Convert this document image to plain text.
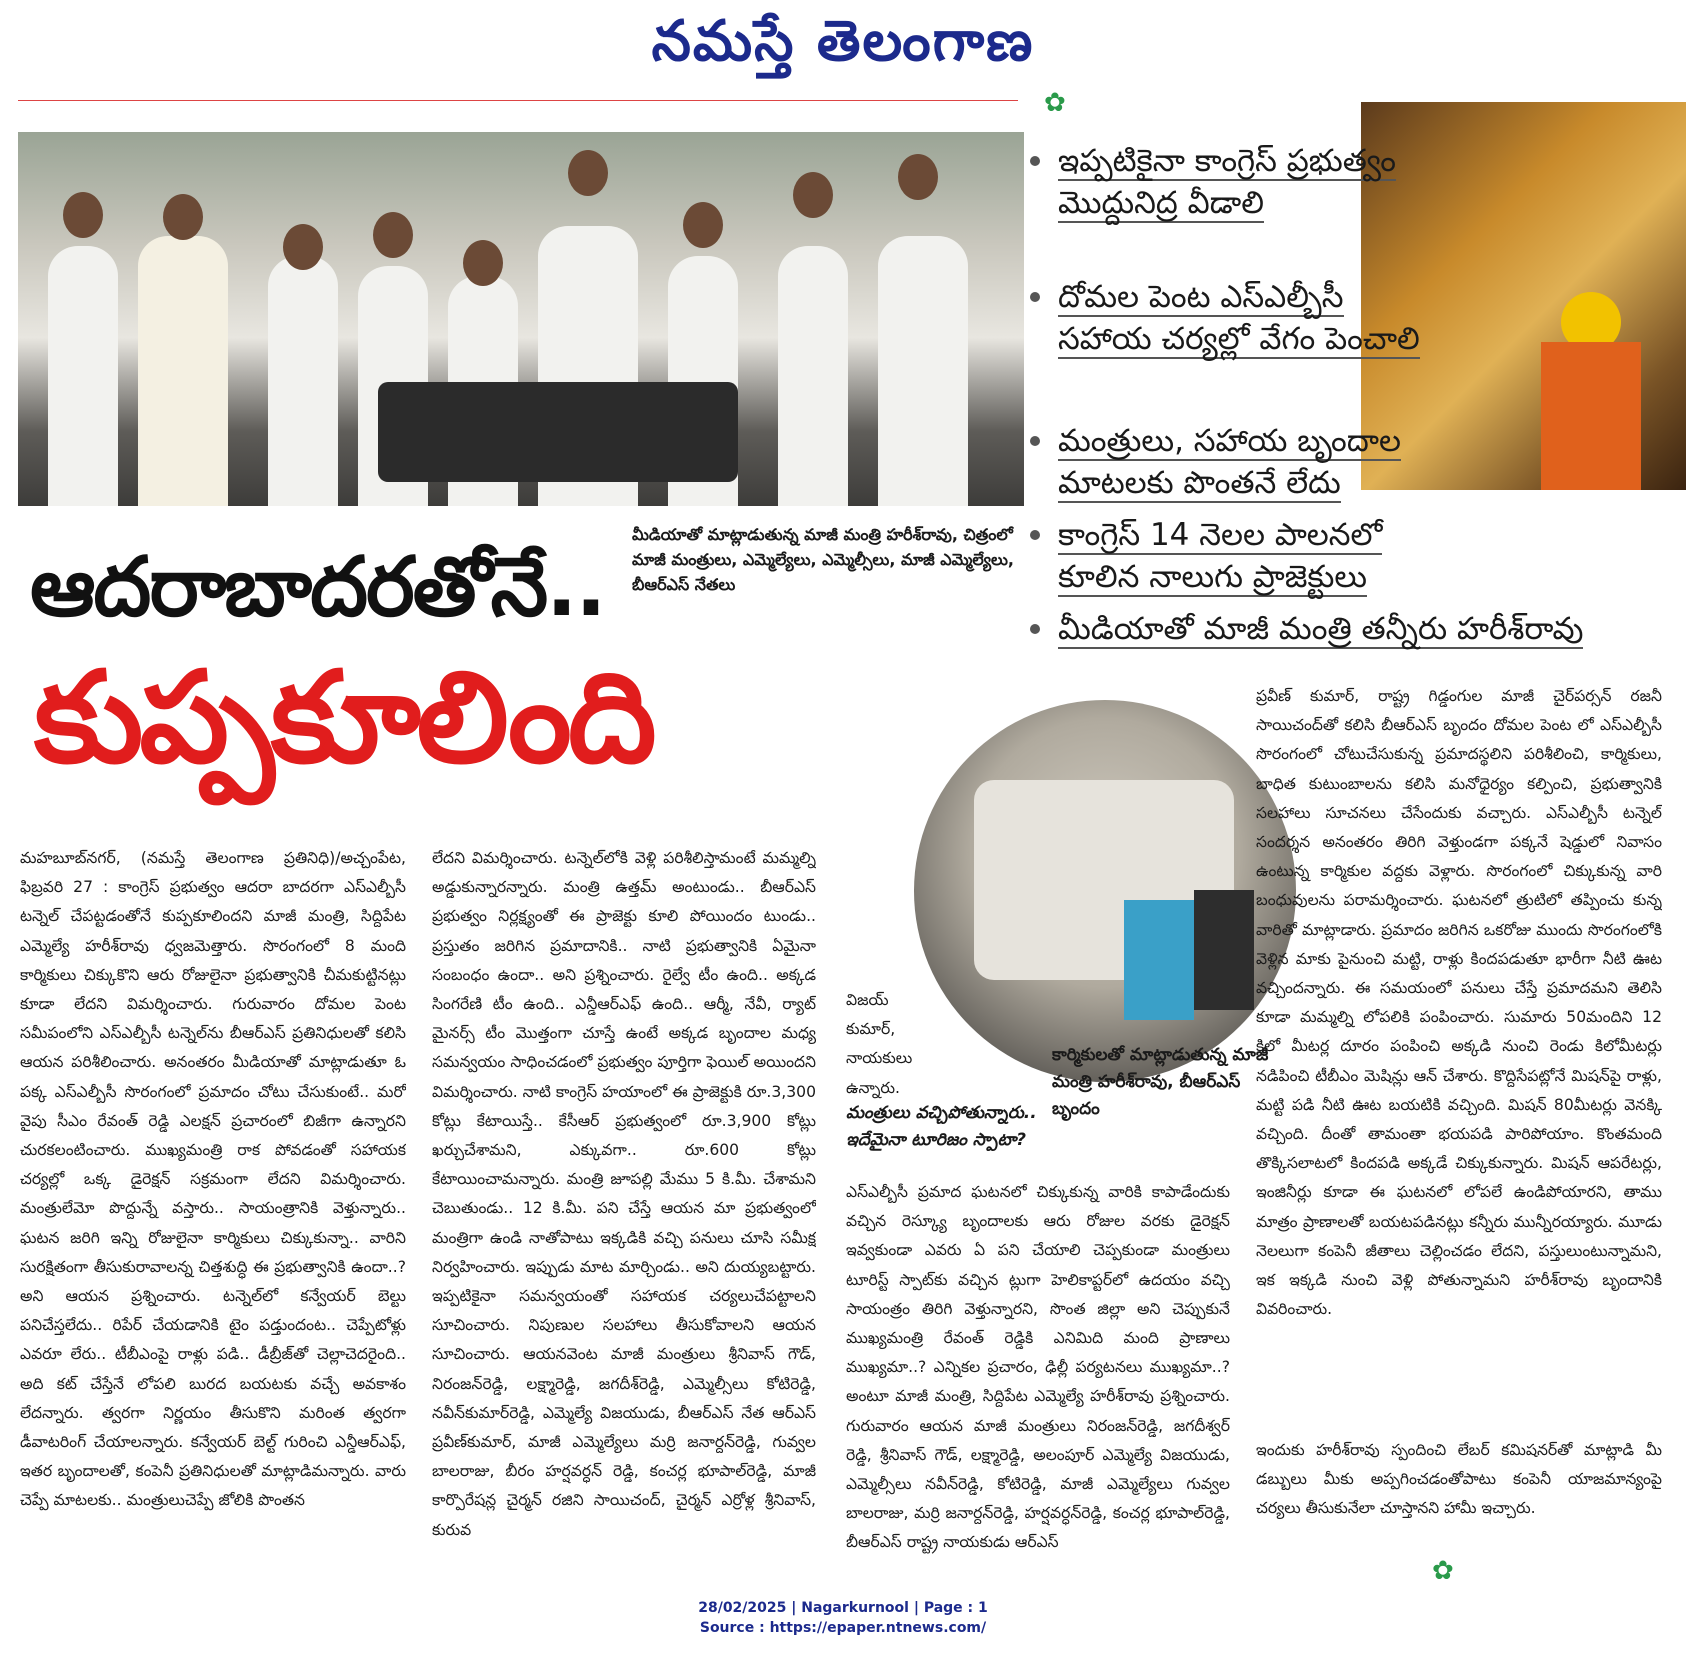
నమస్తే తెలంగాణ
✿
ఇప్పటికైనా కాంగ్రెస్ ప్రభుత్వం మొద్దునిద్ర వీడాలి
దోమల పెంట ఎస్ఎల్బీసీ సహాయ చర్యల్లో వేగం పెంచాలి
మంత్రులు, సహాయ బృందాల మాటలకు పొంతనే లేదు
కాంగ్రెస్ 14 నెలల పాలనలో కూలిన నాలుగు ప్రాజెక్టులు
మీడియాతో మాజీ మంత్రి తన్నీరు హరీశ్‌రావు
మీడియాతో మాట్లాడుతున్న మాజీ మంత్రి హరీశ్‌రావు, చిత్రంలో మాజీ మంత్రులు, ఎమ్మెల్యేలు, ఎమ్మెల్సీలు, మాజీ ఎమ్మెల్యేలు, బీఆర్ఎస్ నేతలు
ఆదరాబాదరతోనే..
కుప్పకూలింది
కార్మికులతో మాట్లాడుతున్న మాజీ మంత్రి హరీశ్‌రావు, బీఆర్ఎస్ బృందం

మహబూబ్‌నగర్, (నమస్తే తెలంగాణ ప్రతినిధి)/అచ్చంపేట, ఫిబ్రవరి 27 : కాంగ్రెస్ ప్రభుత్వం ఆదరా బాదరగా ఎస్ఎల్బీసీ టన్నెల్ చేపట్టడంతోనే కుప్పకూలిందని మాజీ మంత్రి, సిద్దిపేట ఎమ్మెల్యే హరీశ్‌రావు ధ్వజమెత్తారు. సొరంగంలో 8 మంది కార్మికులు చిక్కుకొని ఆరు రోజులైనా ప్రభుత్వానికి చీమకుట్టినట్లు కూడా లేదని విమర్శించారు. గురువారం దోమల పెంట సమీపంలోని ఎస్ఎల్బీసీ టన్నెల్‌ను బీఆర్ఎస్ ప్రతినిధులతో కలిసి ఆయన పరిశీలించారు. అనంతరం మీడియాతో మాట్లాడుతూ ఓ పక్క ఎస్ఎల్బీసీ సొరంగంలో ప్రమాదం చోటు చేసుకుంటే.. మరో వైపు సీఎం రేవంత్ రెడ్డి ఎలక్షన్ ప్రచారంలో బిజీగా ఉన్నారని చురకలంటించారు. ముఖ్యమంత్రి రాక పోవడంతో సహాయక చర్యల్లో ఒక్క డైరెక్షన్ సక్రమంగా లేదని విమర్శించారు. మంత్రులేమో పొద్దున్నే వస్తారు.. సాయంత్రానికి వెళ్తున్నారు.. ఘటన జరిగి ఇన్ని రోజులైనా కార్మికులు చిక్కుకున్నా.. వారిని సురక్షితంగా తీసుకురావాలన్న చిత్తశుద్ధి ఈ ప్రభుత్వానికి ఉందా..? అని ఆయన ప్రశ్నించారు. టన్నెల్‌లో కన్వేయర్ బెల్టు పనిచేస్తలేదు.. రిపేర్ చేయడానికి టైం పడ్తుందంట.. చెప్పేటోళ్లు ఎవరూ లేరు.. టీబీఎంపై రాళ్లు పడి.. డీబ్రీజ్‌తో చెల్లాచెదరైంది.. అది కట్ చేస్తేనే లోపలి బురద బయటకు వచ్చే అవకాశం లేదన్నారు. త్వరగా నిర్ణయం తీసుకొని మరింత త్వరగా డీవాటరింగ్ చేయాలన్నారు. కన్వేయర్ బెల్ట్ గురించి ఎన్డీఆర్ఎఫ్, ఇతర బృందాలతో, కంపెనీ ప్రతినిధులతో మాట్లాడిమన్నారు. వారు చెప్పే మాటలకు.. మంత్రులుచెప్పే జోలికి పొంతన

లేదని విమర్శించారు. టన్నెల్‌లోకి వెళ్లి పరిశీలిస్తామంటే మమ్మల్ని అడ్డుకున్నారన్నారు. మంత్రి ఉత్తమ్ అంటుండు.. బీఆర్ఎస్ ప్రభుత్వం నిర్లక్ష్యంతో ఈ ప్రాజెక్టు కూలి పోయిందం టుండు.. ప్రస్తుతం జరిగిన ప్రమాదానికి.. నాటి ప్రభుత్వానికి ఏమైనా సంబంధం ఉందా.. అని ప్రశ్నించారు. రైల్వే టీం ఉంది.. అక్కడ సింగరేణి టీం ఉంది.. ఎన్డీఆర్ఎఫ్ ఉంది.. ఆర్మీ, నేవీ, ర్యాట్ మైనర్స్ టీం మొత్తంగా చూస్తే ఉంటే అక్కడ బృందాల మధ్య సమన్వయం సాధించడంలో ప్రభుత్వం పూర్తిగా ఫెయిల్ అయిందని విమర్శించారు. నాటి కాంగ్రెస్ హయాంలో ఈ ప్రాజెక్టుకి రూ.3,300 కోట్లు కేటాయిస్తే.. కేసీఆర్ ప్రభుత్వంలో రూ.3,900 కోట్లు ఖర్చుచేశామని, ఎక్కువగా.. రూ.600 కోట్లు కేటాయించామన్నారు. మంత్రి జూపల్లి మేము 5 కి.మీ. చేశామని చెబుతుండు.. 12 కి.మీ. పని చేస్తే ఆయన మా ప్రభుత్వంలో మంత్రిగా ఉండి నాతోపాటు ఇక్కడికి వచ్చి పనులు చూసి సమీక్ష నిర్వహించారు. ఇప్పుడు మాట మార్చిండు.. అని దుయ్యబట్టారు. ఇప్పటికైనా సమన్వయంతో సహాయక చర్యలుచేపట్టాలని సూచించారు. నిపుణుల సలహాలు తీసుకోవాలని ఆయన సూచించారు. ఆయనవెంట మాజీ మంత్రులు శ్రీనివాస్ గౌడ్, నిరంజన్‌రెడ్డి, లక్ష్మారెడ్డి, జగదీశ్‌రెడ్డి, ఎమ్మెల్సీలు కోటిరెడ్డి, నవీన్‌కుమార్‌రెడ్డి, ఎమ్మెల్యే విజయుడు, బీఆర్ఎస్ నేత ఆర్ఎస్ ప్రవీణ్‌కుమార్, మాజీ ఎమ్మెల్యేలు మర్రి జనార్దన్‌రెడ్డి, గువ్వల బాలరాజు, బీరం హర్షవర్ధన్ రెడ్డి, కంచర్ల భూపాల్‌రెడ్డి, మాజీ కార్పొరేషన్ల చైర్మన్ రజిని సాయిచంద్, చైర్మన్ ఎర్రోళ్ల శ్రీనివాస్, కురువ

విజయ్ కుమార్, నాయకులు ఉన్నారు.

మంత్రులు వచ్చిపోతున్నారు.. ఇదేమైనా టూరిజం స్పాటా?

ఎస్ఎల్బీసీ ప్రమాద ఘటనలో చిక్కుకున్న వారికి కాపాడేందుకు వచ్చిన రెస్క్యూ బృందాలకు ఆరు రోజుల వరకు డైరెక్షన్ ఇవ్వకుండా ఎవరు ఏ పని చేయాలి చెప్పకుండా మంత్రులు టూరిస్ట్ స్పాట్‌కు వచ్చిన ట్లుగా హెలికాప్టర్‌లో ఉదయం వచ్చి సాయంత్రం తిరిగి వెళ్తున్నారని, సొంత జిల్లా అని చెప్పుకునే ముఖ్యమంత్రి రేవంత్ రెడ్డికి ఎనిమిది మంది ప్రాణాలు ముఖ్యమా..? ఎన్నికల ప్రచారం, ఢిల్లీ పర్యటనలు ముఖ్యమా..? అంటూ మాజీ మంత్రి, సిద్దిపేట ఎమ్మెల్యే హరీశ్‌రావు ప్రశ్నించారు. గురువారం ఆయన మాజీ మంత్రులు నిరంజన్‌రెడ్డి, జగదీశ్వర్ రెడ్డి, శ్రీనివాస్ గౌడ్, లక్ష్మారెడ్డి, అలంపూర్ ఎమ్మెల్యే విజయుడు, ఎమ్మెల్సీలు నవీన్‌రెడ్డి, కోటిరెడ్డి, మాజీ ఎమ్మెల్యేలు గువ్వల బాలరాజు, మర్రి జనార్దన్‌రెడ్డి, హర్షవర్ధన్‌రెడ్డి, కంచర్ల భూపాల్‌రెడ్డి, బీఆర్ఎస్ రాష్ట్ర నాయకుడు ఆర్ఎస్

ప్రవీణ్ కుమార్, రాష్ట్ర గిడ్డంగుల మాజీ చైర్‌పర్సన్ రజనీ సాయిచంద్‌తో కలిసి బీఆర్ఎస్ బృందం దోమల పెంట లో ఎస్ఎల్బీసీ సొరంగంలో చోటుచేసుకున్న ప్రమాదస్థలిని పరిశీలించి, కార్మికులు, బాధిత కుటుంబాలను కలిసి మనోధైర్యం కల్పించి, ప్రభుత్వానికి సలహాలు సూచనలు చేసేందుకు వచ్చారు. ఎస్ఎల్బీసీ టన్నెల్ సందర్శన అనంతరం తిరిగి వెళ్తుండగా పక్కనే షెడ్డులో నివాసం ఉంటున్న కార్మికుల వద్దకు వెళ్లారు. సొరంగంలో చిక్కుకున్న వారి బంధువులను పరామర్శించారు. ఘటనలో త్రుటిలో తప్పించు కున్న వారితో మాట్లాడారు. ప్రమాదం జరిగిన ఒకరోజు ముందు సొరంగంలోకి వెళ్లిన మాకు పైనుంచి మట్టి, రాళ్లు కిందపడుతూ భారీగా నీటి ఊట వచ్చిందన్నారు. ఈ సమయంలో పనులు చేస్తే ప్రమాదమని తెలిసి కూడా మమ్మల్ని లోపలికి పంపించారు. సుమారు 50మందిని 12 కిలో మీటర్ల దూరం పంపించి అక్కడి నుంచి రెండు కిలోమీటర్లు నడిపించి టీబీఎం మెషిన్లు ఆన్ చేశారు. కొద్దిసేపట్లోనే మిషన్‌పై రాళ్లు, మట్టి పడి నీటి ఊట బయటికి వచ్చింది. మిషన్ 80మీటర్లు వెనక్కి వచ్చింది. దీంతో తామంతా భయపడి పారిపోయాం. కొంతమంది తొక్కిసలాటలో కిందపడి అక్కడే చిక్కుకున్నారు. మిషన్ ఆపరేటర్లు, ఇంజినీర్లు కూడా ఈ ఘటనలో లోపలే ఉండిపోయారని, తాము మాత్రం ప్రాణాలతో బయటపడినట్లు కన్నీరు మున్నీరయ్యారు. మూడు నెలలుగా కంపెనీ జీతాలు చెల్లించడం లేదని, పస్తులుంటున్నామని, ఇక ఇక్కడి నుంచి వెళ్లి పోతున్నామని హరీశ్‌రావు బృందానికి వివరించారు.

ఇందుకు హరీశ్‌రావు స్పందించి లేబర్ కమిషనర్‌తో మాట్లాడి మీ డబ్బులు మీకు అప్పగించడంతోపాటు కంపెనీ యాజమాన్యంపై చర్యలు తీసుకునేలా చూస్తానని హామీ ఇచ్చారు.

✿
28/02/2025 | Nagarkurnool | Page : 1
Source : https://epaper.ntnews.com/
